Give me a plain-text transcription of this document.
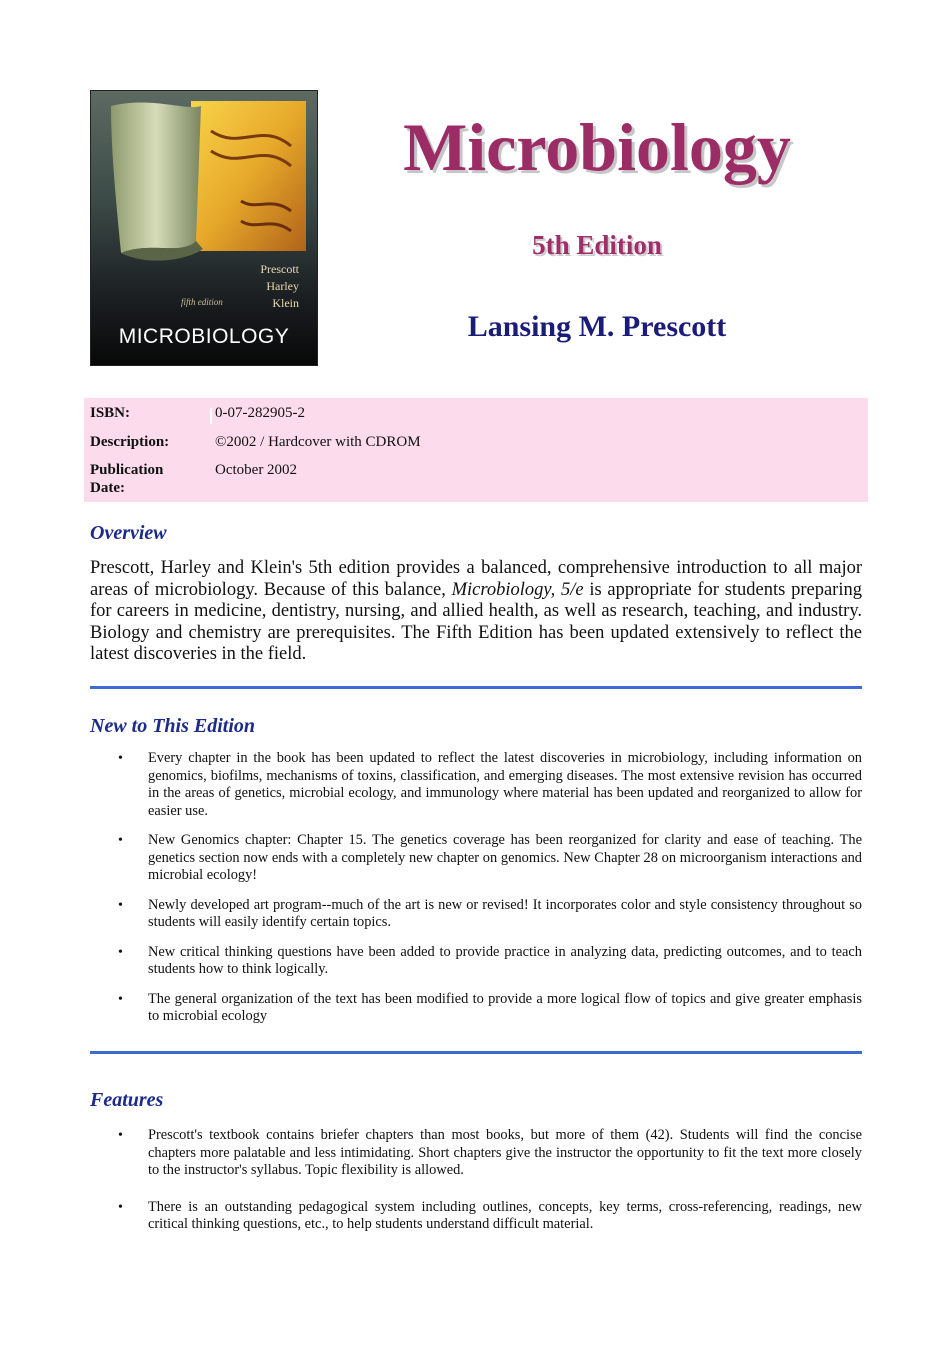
Prescott
Harley
Klein
fifth edition
MICROBIOLOGY
Microbiology
5th Edition
Lansing M. Prescott
ISBN:	0-07-282905-2
Description:	©2002 / Hardcover with CDROM
Publication
Date:
October 2002
Overview

Prescott, Harley and Klein's 5th edition provides a balanced, comprehensive introduction to all major areas of microbiology. Because of this balance, Microbiology, 5/e is appropriate for students preparing for careers in medicine, dentistry, nursing, and allied health, as well as research, teaching, and industry. Biology and chemistry are prerequisites. The Fifth Edition has been updated extensively to reflect the latest discoveries in the field.

New to This Edition
• Every chapter in the book has been updated to reflect the latest discoveries in microbiology, including information on genomics, biofilms, mechanisms of toxins, classification, and emerging diseases. The most extensive revision has occurred in the areas of genetics, microbial ecology, and immunology where material has been updated and reorganized to allow for easier use.
• New Genomics chapter: Chapter 15. The genetics coverage has been reorganized for clarity and ease of teaching. The genetics section now ends with a completely new chapter on genomics. New Chapter 28 on microorganism interactions and microbial ecology!
• Newly developed art program--much of the art is new or revised! It incorporates color and style consistency throughout so students will easily identify certain topics.
• New critical thinking questions have been added to provide practice in analyzing data, predicting outcomes, and to teach students how to think logically.
• The general organization of the text has been modified to provide a more logical flow of topics and give greater emphasis to microbial ecology
Features
• Prescott's textbook contains briefer chapters than most books, but more of them (42). Students will find the concise chapters more palatable and less intimidating. Short chapters give the instructor the opportunity to fit the text more closely to the instructor's syllabus. Topic flexibility is allowed.
• There is an outstanding pedagogical system including outlines, concepts, key terms, cross-referencing, readings, new critical thinking questions, etc., to help students understand difficult material.
